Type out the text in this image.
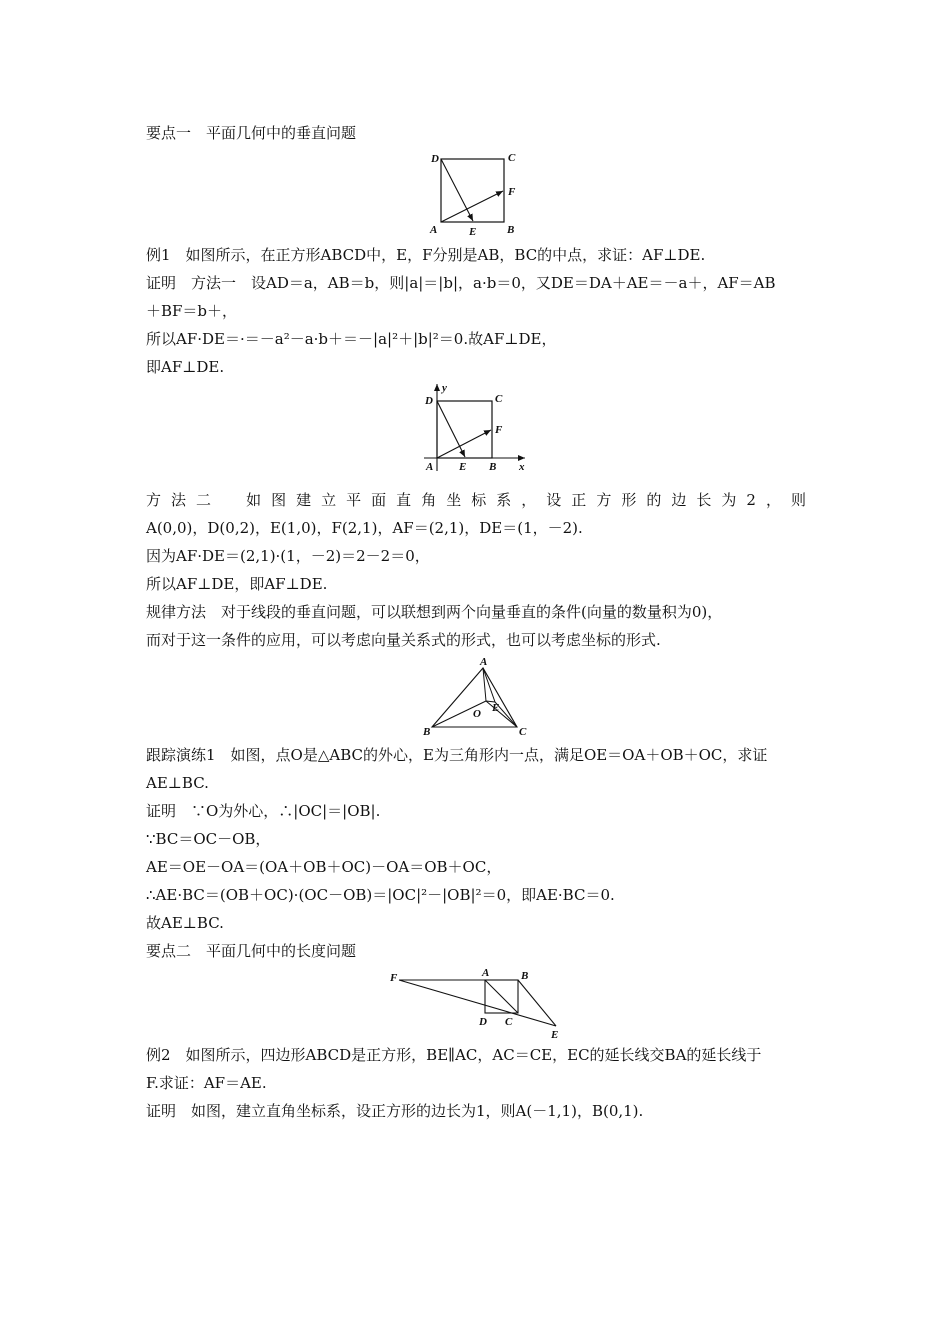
要点一　平面几何中的垂直问题
D	C
F
A	E	B
例1　如图所示，在正方形ABCD中，E，F分别是AB，BC的中点，求证：AF⊥DE.
证明　方法一　设AD＝a，AB＝b，则|a|＝|b|，a·b＝0，又DE＝DA＋AE＝－a＋，AF＝AB
＋BF＝b＋，
所以AF·DE＝·＝－a²－a·b＋＝－|a|²＋|b|²＝0.故AF⊥DE，
即AF⊥DE.
y
D	C
F
A E B x
方法二　如图建立平面直角坐标系，设正方形的边长为2，则
A(0,0)，D(0,2)，E(1,0)，F(2,1)，AF＝(2,1)，DE＝(1，－2).
因为AF·DE＝(2,1)·(1，－2)＝2－2＝0，
所以AF⊥DE，即AF⊥DE.
规律方法　对于线段的垂直问题，可以联想到两个向量垂直的条件(向量的数量积为0)，
而对于这一条件的应用，可以考虑向量关系式的形式，也可以考虑坐标的形式.
A
O E
B	C
跟踪演练1　如图，点O是△ABC的外心，E为三角形内一点，满足OE＝OA＋OB＋OC，求证
AE⊥BC.
证明　∵O为外心，∴|OC|＝|OB|.
∵BC＝OC－OB，
AE＝OE－OA＝(OA＋OB＋OC)－OA＝OB＋OC，
∴AE·BC＝(OB＋OC)·(OC－OB)＝|OC|²－|OB|²＝0，即AE·BC＝0.
故AE⊥BC.
要点二　平面几何中的长度问题
F	A	B
D C
E
例2　如图所示，四边形ABCD是正方形，BE∥AC，AC＝CE，EC的延长线交BA的延长线于
F.求证：AF＝AE.
证明　如图，建立直角坐标系，设正方形的边长为1，则A(－1,1)，B(0,1).
